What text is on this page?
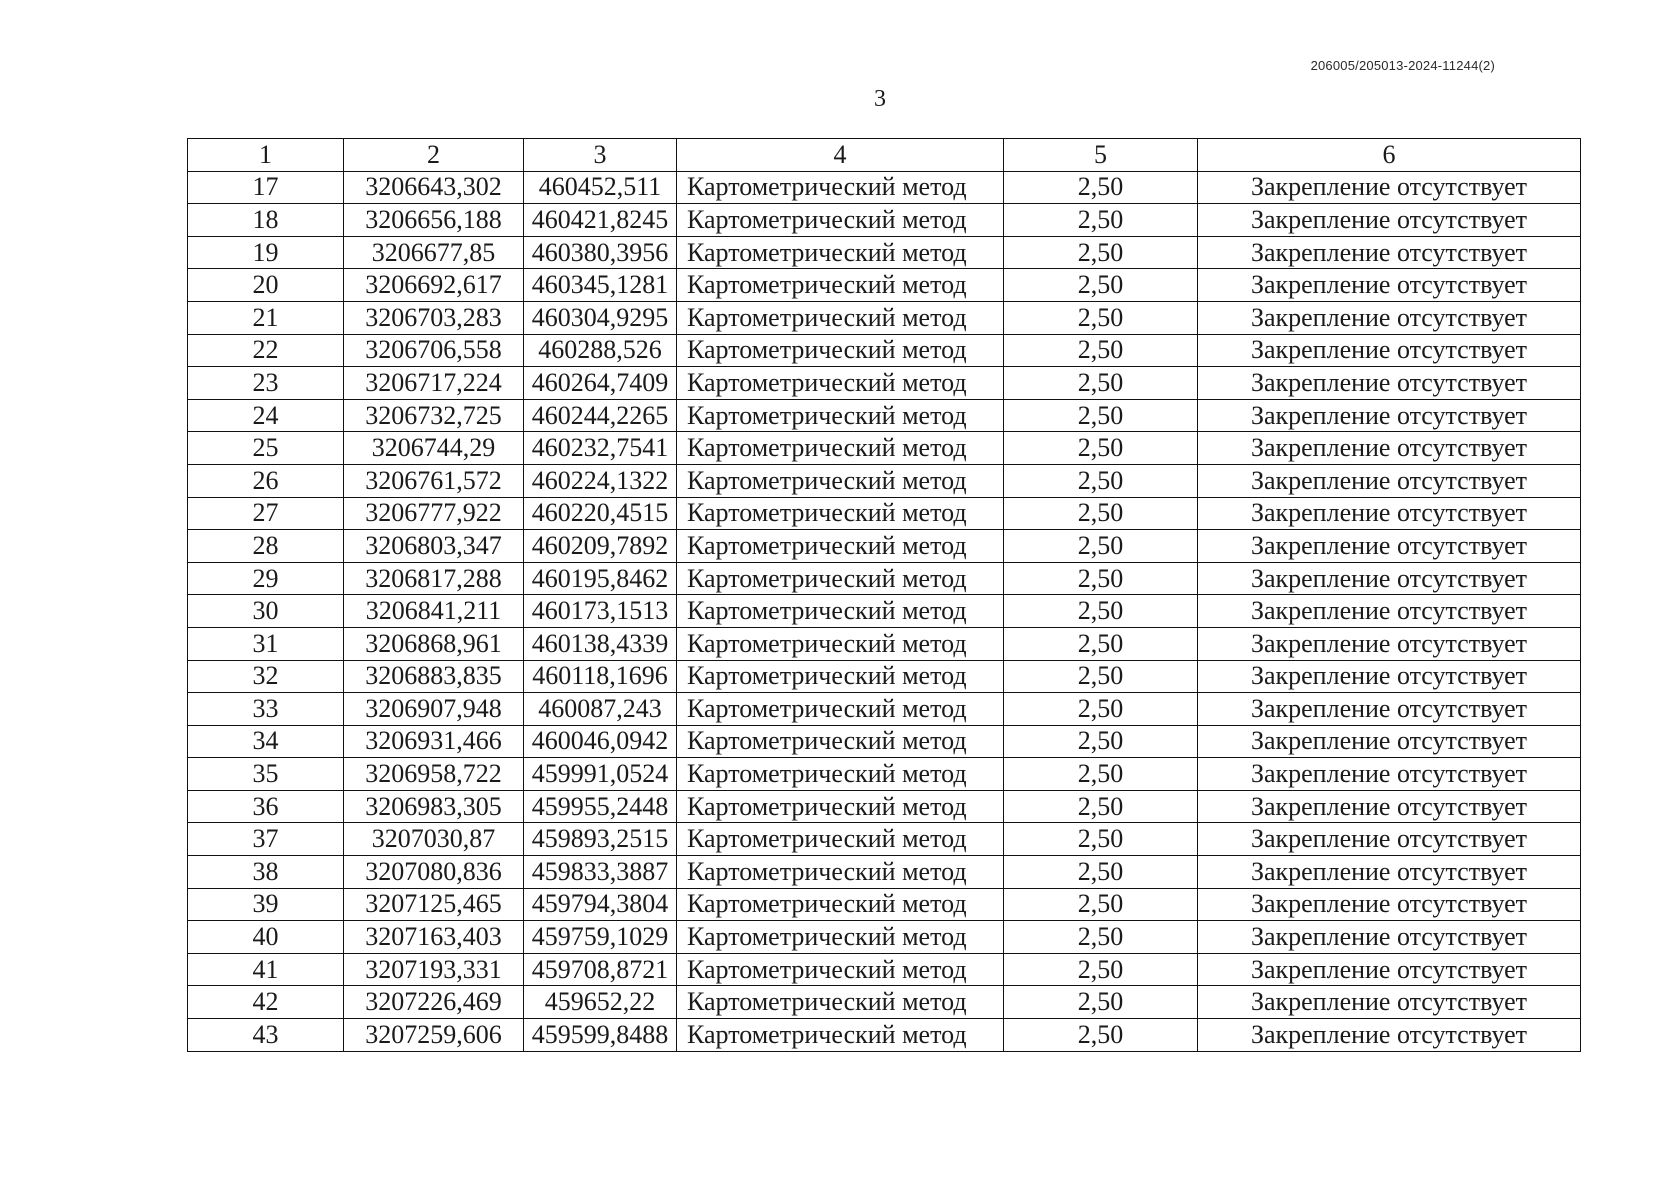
206005/205013-2024-11244(2)
3
1	2	3	4	5	6
17	3206643,302	460452,511	Картометрический метод	2,50	Закрепление отсутствует
18	3206656,188	460421,8245	Картометрический метод	2,50	Закрепление отсутствует
19	3206677,85	460380,3956	Картометрический метод	2,50	Закрепление отсутствует
20	3206692,617	460345,1281	Картометрический метод	2,50	Закрепление отсутствует
21	3206703,283	460304,9295	Картометрический метод	2,50	Закрепление отсутствует
22	3206706,558	460288,526	Картометрический метод	2,50	Закрепление отсутствует
23	3206717,224	460264,7409	Картометрический метод	2,50	Закрепление отсутствует
24	3206732,725	460244,2265	Картометрический метод	2,50	Закрепление отсутствует
25	3206744,29	460232,7541	Картометрический метод	2,50	Закрепление отсутствует
26	3206761,572	460224,1322	Картометрический метод	2,50	Закрепление отсутствует
27	3206777,922	460220,4515	Картометрический метод	2,50	Закрепление отсутствует
28	3206803,347	460209,7892	Картометрический метод	2,50	Закрепление отсутствует
29	3206817,288	460195,8462	Картометрический метод	2,50	Закрепление отсутствует
30	3206841,211	460173,1513	Картометрический метод	2,50	Закрепление отсутствует
31	3206868,961	460138,4339	Картометрический метод	2,50	Закрепление отсутствует
32	3206883,835	460118,1696	Картометрический метод	2,50	Закрепление отсутствует
33	3206907,948	460087,243	Картометрический метод	2,50	Закрепление отсутствует
34	3206931,466	460046,0942	Картометрический метод	2,50	Закрепление отсутствует
35	3206958,722	459991,0524	Картометрический метод	2,50	Закрепление отсутствует
36	3206983,305	459955,2448	Картометрический метод	2,50	Закрепление отсутствует
37	3207030,87	459893,2515	Картометрический метод	2,50	Закрепление отсутствует
38	3207080,836	459833,3887	Картометрический метод	2,50	Закрепление отсутствует
39	3207125,465	459794,3804	Картометрический метод	2,50	Закрепление отсутствует
40	3207163,403	459759,1029	Картометрический метод	2,50	Закрепление отсутствует
41	3207193,331	459708,8721	Картометрический метод	2,50	Закрепление отсутствует
42	3207226,469	459652,22	Картометрический метод	2,50	Закрепление отсутствует
43	3207259,606	459599,8488	Картометрический метод	2,50	Закрепление отсутствует
